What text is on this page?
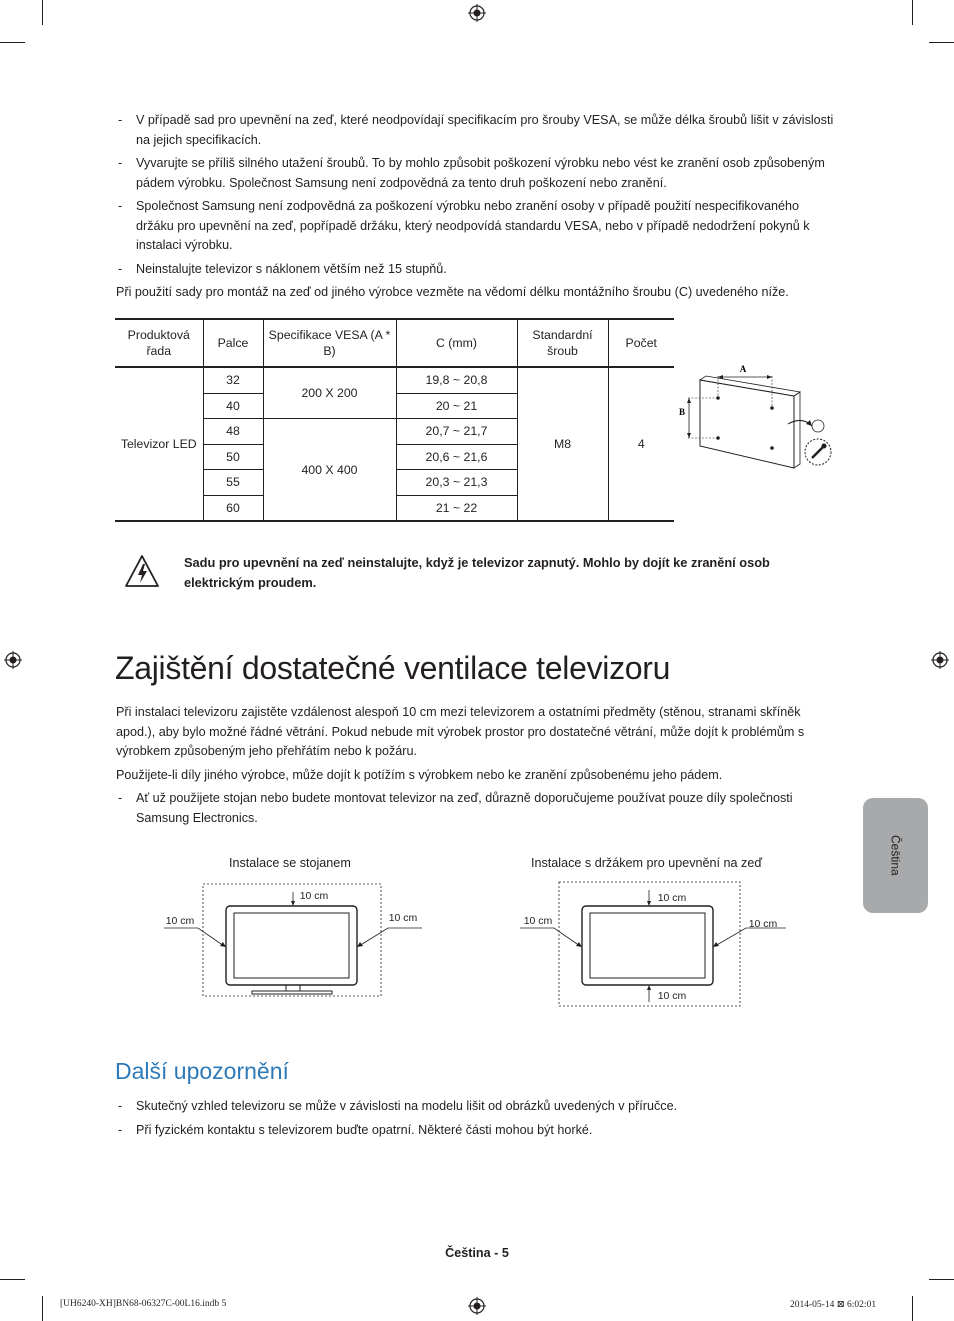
- V případě sad pro upevnění na zeď, které neodpovídají specifikacím pro šrouby VESA, se může délka šroubů lišit v závislosti na jejich specifikacích.
- Vyvarujte se příliš silného utažení šroubů. To by mohlo způsobit poškození výrobku nebo vést ke zranění osob způsobeným pádem výrobku. Společnost Samsung není zodpovědná za tento druh poškození nebo zranění.
- Společnost Samsung není zodpovědná za poškození výrobku nebo zranění osoby v případě použití nespecifikovaného držáku pro upevnění na zeď, popřípadě držáku, který neodpovídá standardu VESA, nebo v případě nedodržení pokynů k instalaci výrobku.
- Neinstalujte televizor s náklonem větším než 15 stupňů.

Při použití sady pro montáž na zeď od jiného výrobce vezměte na vědomí délku montážního šroubu (C) uvedeného níže.

Produktová řada	Palce	Specifikace VESA (A * B)	C (mm)	Standardní šroub	Počet
Televizor LED	32	200 X 200	19,8 ~ 20,8	M8	4
	40		20 ~ 21		
	48	400 X 400	20,7 ~ 21,7		
	50		20,6 ~ 21,6		
	55		20,3 ~ 21,3		
	60		21 ~ 22		
A
B
Sadu pro upevnění na zeď neinstalujte, když je televizor zapnutý. Mohlo by dojít ke zranění osob elektrickým proudem.
Zajištění dostatečné ventilace televizoru

Při instalaci televizoru zajistěte vzdálenost alespoň 10 cm mezi televizorem a ostatními předměty (stěnou, stranami skříněk apod.), aby bylo možné řádné větrání. Pokud nebude mít výrobek prostor pro dostatečné větrání, může dojít k problémům s výrobkem způsobeným jeho přehřátím nebo k požáru.

Použijete-li díly jiného výrobce, může dojít k potížím s výrobkem nebo ke zranění způsobenému jeho pádem.

- Ať už použijete stojan nebo budete montovat televizor na zeď, důrazně doporučujeme používat pouze díly společnosti Samsung Electronics.
Instalace se stojanem
10 cm
10 cm	10 cm
Instalace s držákem pro upevnění na zeď
10 cm
10 cm
10 cm	10 cm
Další upozornění
- Skutečný vzhled televizoru se může v závislosti na modelu lišit od obrázků uvedených v příručce.
- Při fyzickém kontaktu s televizorem buďte opatrní. Některé části mohou být horké.
Čeština
Čeština - 5
[UH6240-XH]BN68-06327C-00L16.indb 5	2014-05-14 ⊠ 6:02:01
